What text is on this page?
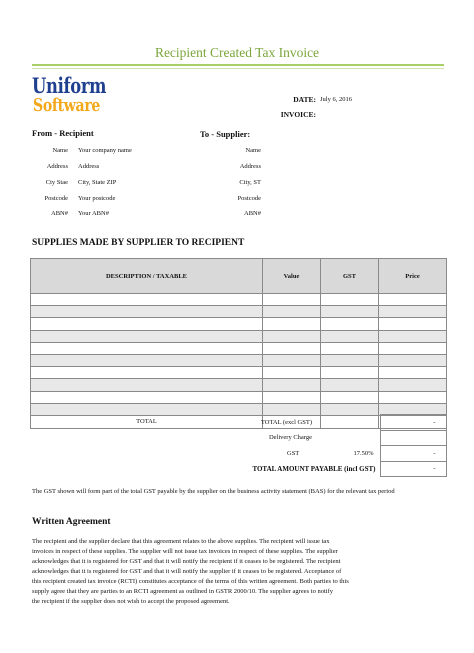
Recipient Created Tax Invoice
Uniform
Software	DATE: July 6, 2016
INVOICE:
From - Recipient	To - Supplier:
Name Your company name
Address Address
Cty Stae City, State ZIP
Postcode Your postcode
ABN# Your ABN#
Name
Address
City, ST
Postcode
ABN#
SUPPLIES MADE BY SUPPLIER TO RECIPIENT
DESCRIPTION / TAXABLE	Value	GST	Price

TOTAL				TOTAL (excl GST)		-
Delivery Charge		
GST	17.50%	-
TOTAL AMOUNT PAYABLE (incl GST)		-
The GST shown will form part of the total GST payable by the supplier on the business activity statement (BAS) for the relevant tax period
Written Agreement
The recipient and the supplier declare that this agreement relates to the above supplies. The recipient will issue tax
invoices in respect of these supplies. The supplier will not issue tax invoices in respect of these supplies. The supplier
acknowledges that it is registered for GST and that it will notify the recipient if it ceases to be registered. The recipient
acknowledges that it is registered for GST and that it will notify the supplier if it ceases to be registered. Acceptance of
this recipient created tax invoice (RCTI) constitutes acceptance of the terms of this written agreement. Both parties to this
supply agree that they are parties to an RCTI agreement as outlined in GSTR 2000/10. The supplier agrees to notify
the recipient if the supplier does not wish to accept the proposed agreement.
